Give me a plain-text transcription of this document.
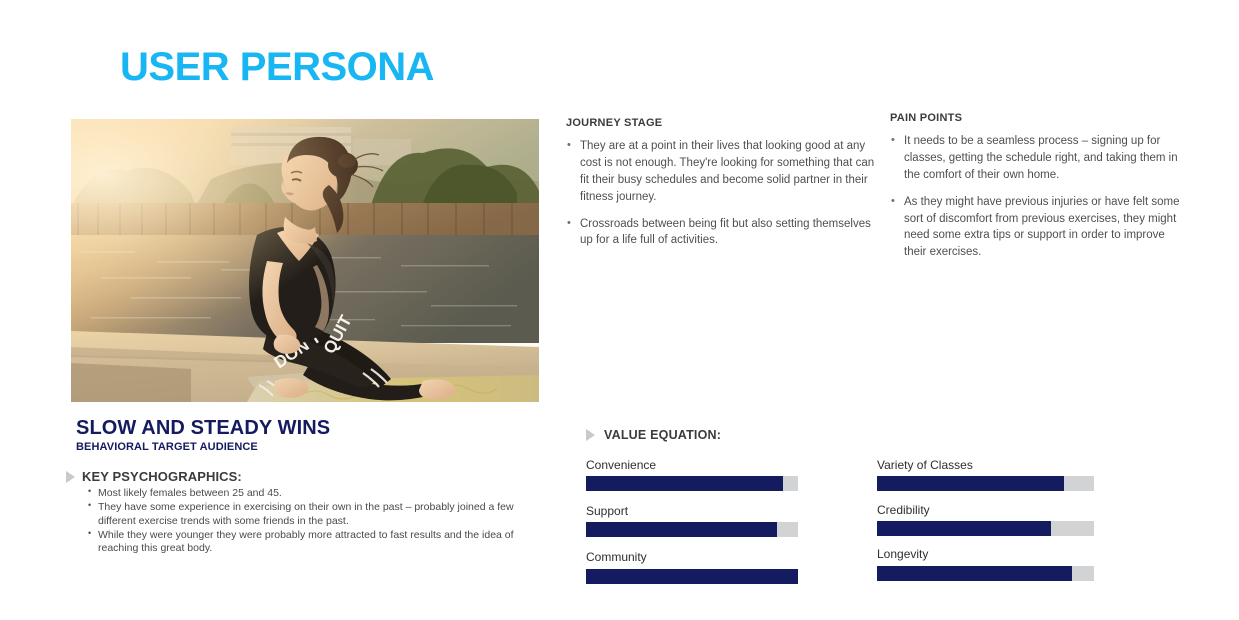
USER PERSONA
SLOW AND STEADY WINS
BEHAVIORAL TARGET AUDIENCE
KEY PSYCHOGRAPHICS:
• Most likely females between 25 and 45.
• They have some experience in exercising on their own in the past – probably joined a few different exercise trends with some friends in the past.
• While they were younger they were probably more attracted to fast results and the idea of reaching this great body.
JOURNEY STAGE
• They are at a point in their lives that looking good at any cost is not enough. They're looking for something that can fit their busy schedules and become solid partner in their fitness journey.
• Crossroads between being fit but also setting themselves up for a life full of activities.
PAIN POINTS
• It needs to be a seamless process – signing up for classes, getting the schedule right, and taking them in the comfort of their own home.
• As they might have previous injuries or have felt some sort of discomfort from previous exercises, they might need some extra tips or support in order to improve their exercises.
VALUE EQUATION:
Convenience
Support
Community
Variety of Classes
Credibility
Longevity
